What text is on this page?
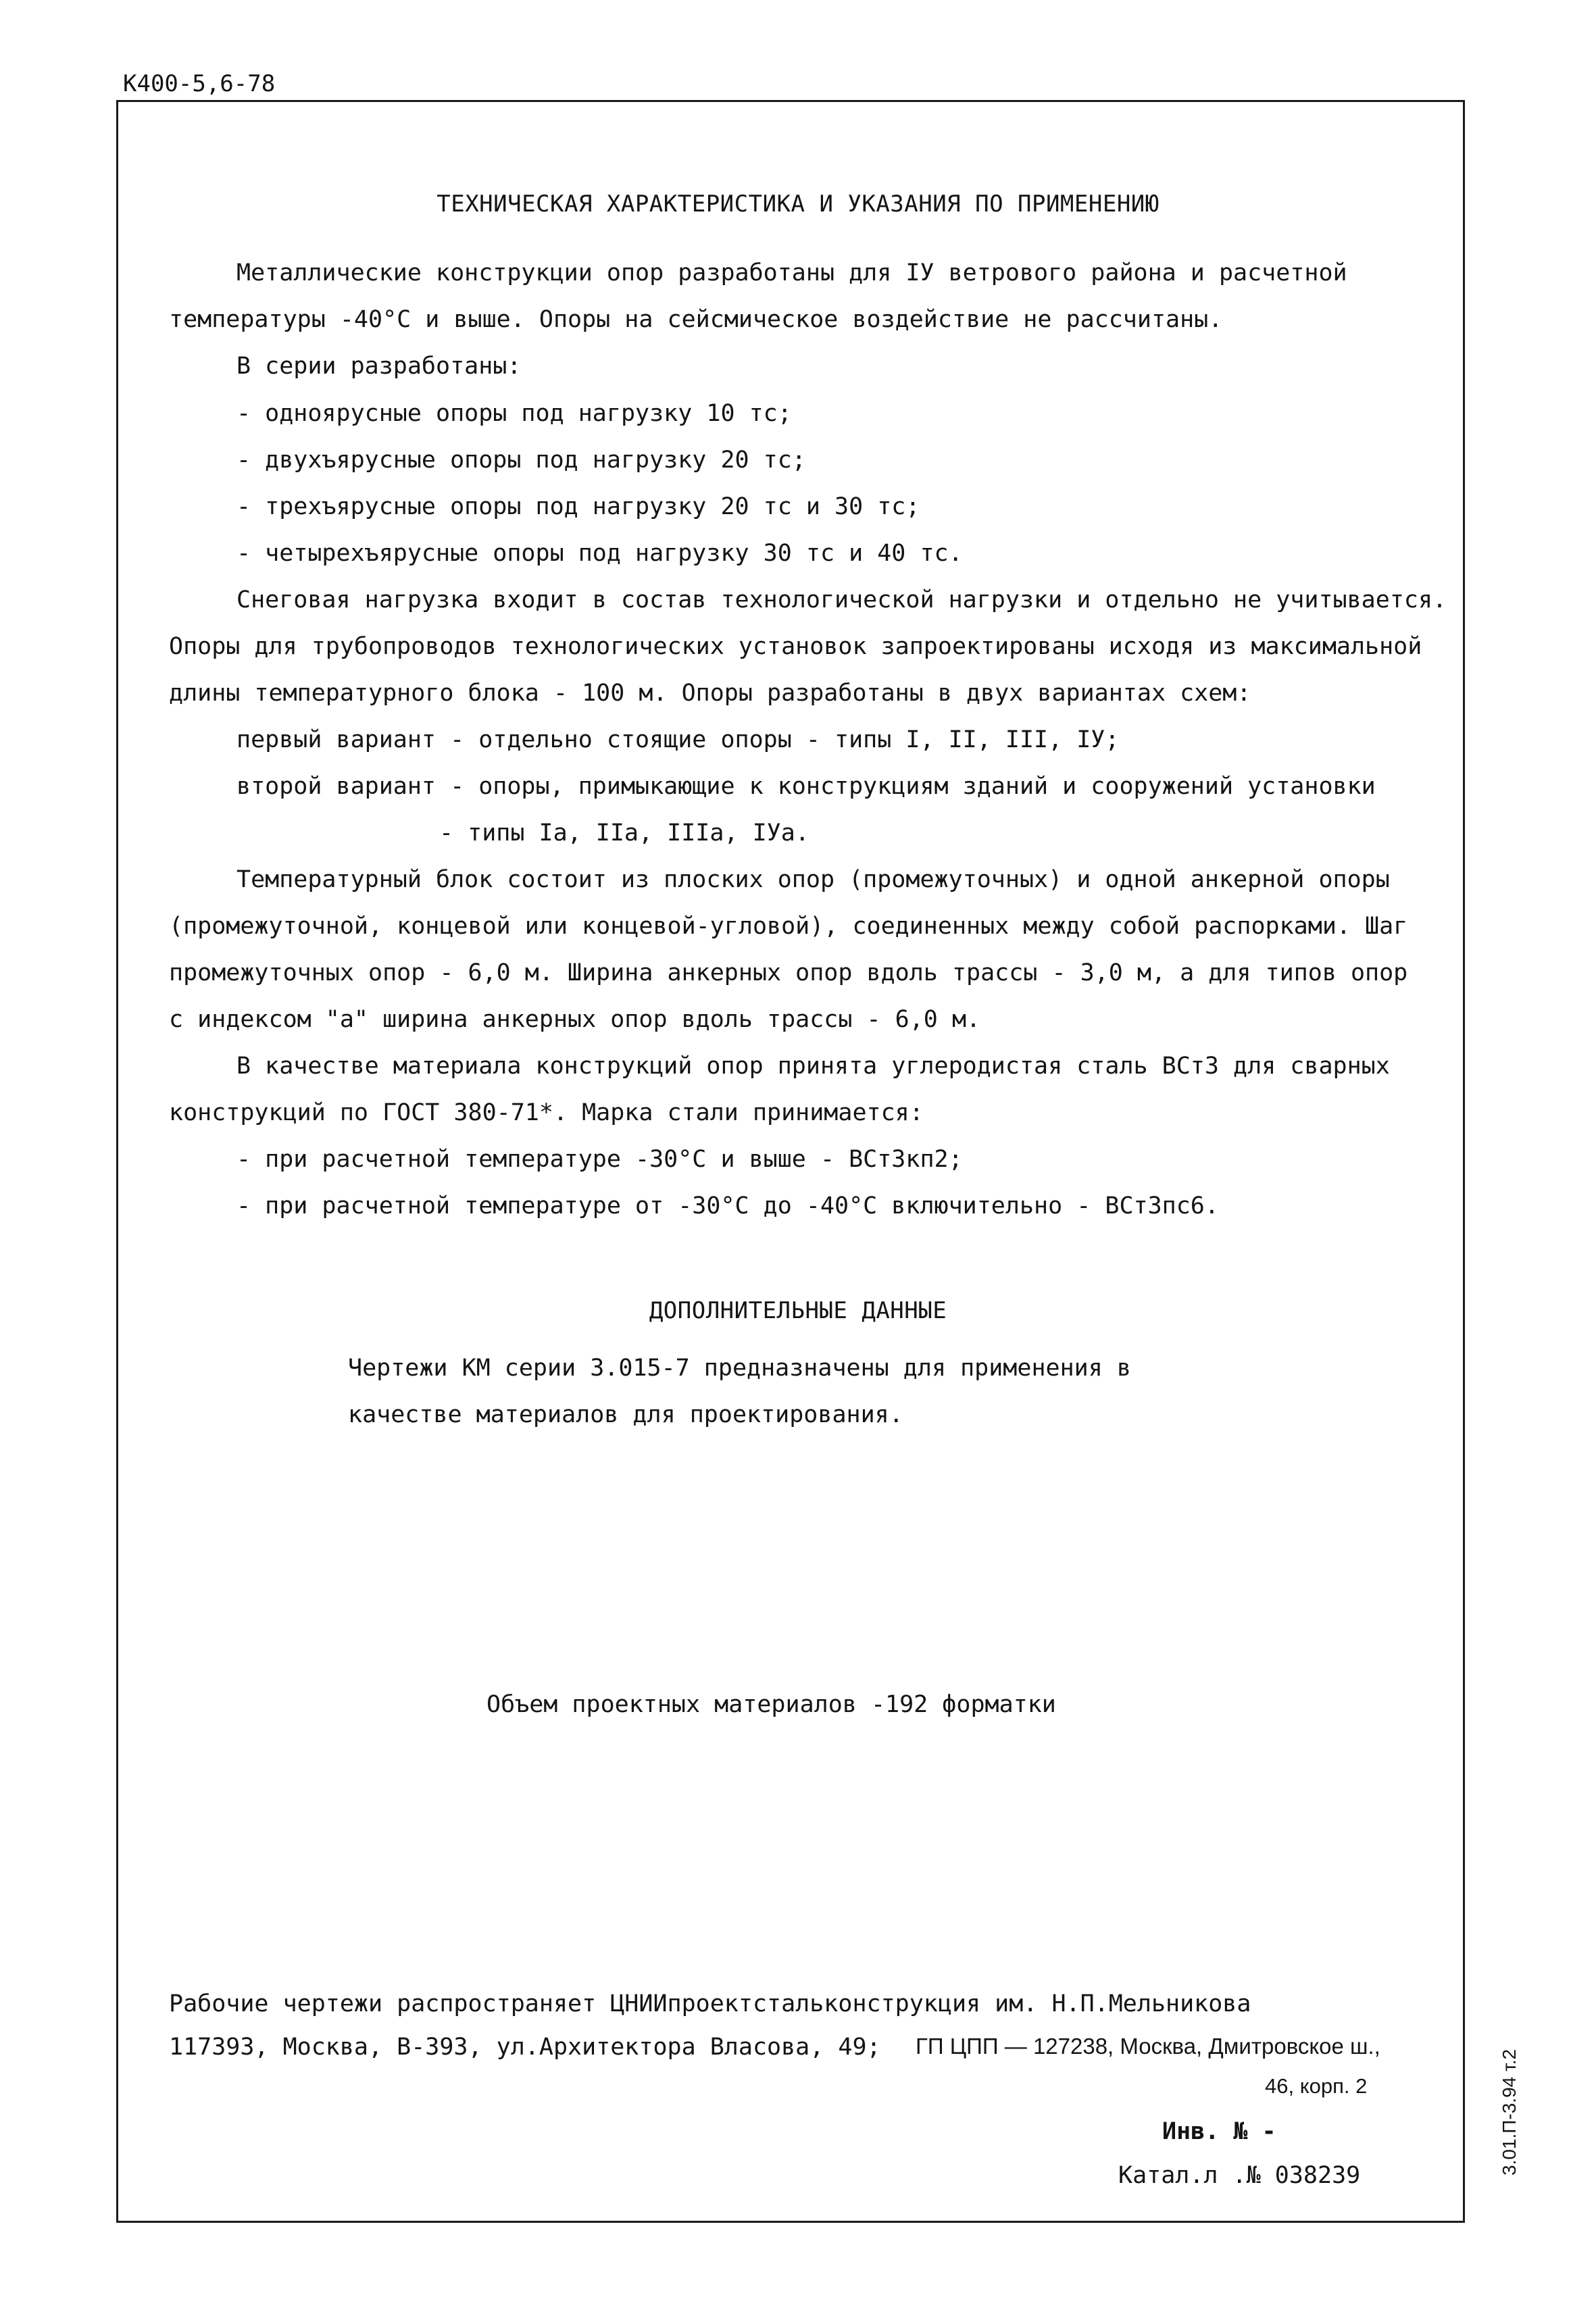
К400-5,6-78
ТЕХНИЧЕСКАЯ ХАРАКТЕРИСТИКА И УКАЗАНИЯ ПО ПРИМЕНЕНИЮ
Металлические конструкции опор разработаны для IУ ветрового района и расчетной
температуры -40°С и выше. Опоры на сейсмическое воздействие не рассчитаны.
В серии разработаны:
- одноярусные опоры под нагрузку 10 тс;
- двухъярусные опоры под нагрузку 20 тс;
- трехъярусные опоры под нагрузку 20 тс и 30 тс;
- четырехъярусные опоры под нагрузку 30 тс и 40 тс.
Снеговая нагрузка входит в состав технологической нагрузки и отдельно не учитывается.
Опоры для трубопроводов технологических установок запроектированы исходя из максимальной
длины температурного блока - 100 м. Опоры разработаны в двух вариантах схем:
первый вариант - отдельно стоящие опоры - типы I, II, III, IУ;
второй вариант - опоры, примыкающие к конструкциям зданий и сооружений установки
- типы Iа, IIа, IIIа, IУа.
Температурный блок состоит из плоских опор (промежуточных) и одной анкерной опоры
(промежуточной, концевой или концевой-угловой), соединенных между собой распорками. Шаг
промежуточных опор - 6,0 м. Ширина анкерных опор вдоль трассы - 3,0 м, а для типов опор
с индексом "а" ширина анкерных опор вдоль трассы - 6,0 м.
В качестве материала конструкций опор принята углеродистая сталь ВСт3 для сварных
конструкций по ГОСТ 380-71*. Марка стали принимается:
- при расчетной температуре -30°С и выше - ВСт3кп2;
- при расчетной температуре от -30°С до -40°С включительно - ВСт3пс6.
ДОПОЛНИТЕЛЬНЫЕ ДАННЫЕ
Чертежи КМ серии 3.015-7 предназначены для применения в
качестве материалов для проектирования.
Объем проектных материалов -192 форматки
Рабочие чертежи распространяет ЦНИИпроектстальконструкция им. Н.П.Мельникова
117393, Москва, В-393, ул.Архитектора Власова, 49; ГП ЦПП — 127238, Москва, Дмитровское ш.,
46, корп. 2
Инв. № -
Катал.л .№ 038239	3.01.П-3.94 т.2
